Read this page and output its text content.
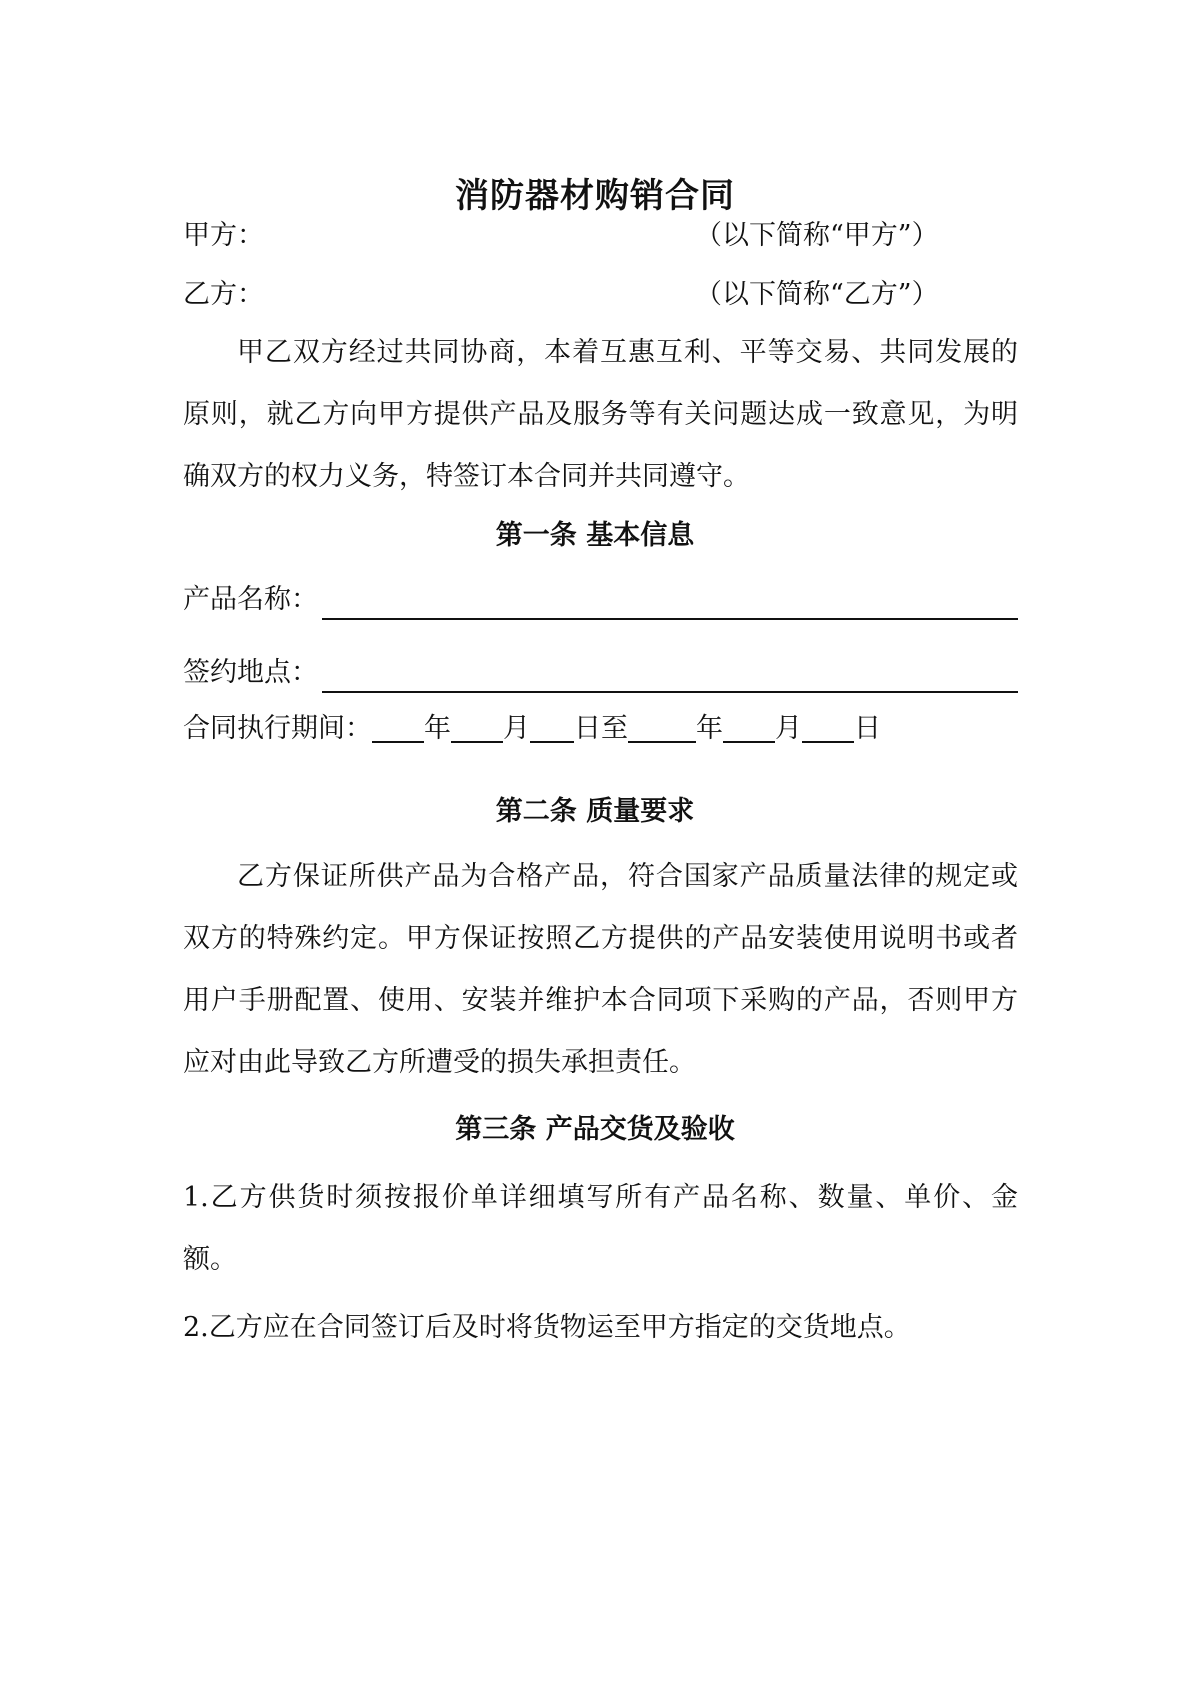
消防器材购销合同
甲方：	（以下简称“甲方”）
乙方：	（以下简称“乙方”）

甲乙双方经过共同协商，本着互惠互利、平等交易、共同发展的原则，就乙方向甲方提供产品及服务等有关问题达成一致意见，为明确双方的权力义务，特签订本合同并共同遵守。

第一条 基本信息
产品名称：
签约地点：
合同执行期间： 年 月 日至	年 月 日
第二条 质量要求

乙方保证所供产品为合格产品，符合国家产品质量法律的规定或双方的特殊约定。甲方保证按照乙方提供的产品安装使用说明书或者用户手册配置、使用、安装并维护本合同项下采购的产品，否则甲方应对由此导致乙方所遭受的损失承担责任。

第三条 产品交货及验收

1.乙方供货时须按报价单详细填写所有产品名称、数量、单价、金额。

2.乙方应在合同签订后及时将货物运至甲方指定的交货地点。
